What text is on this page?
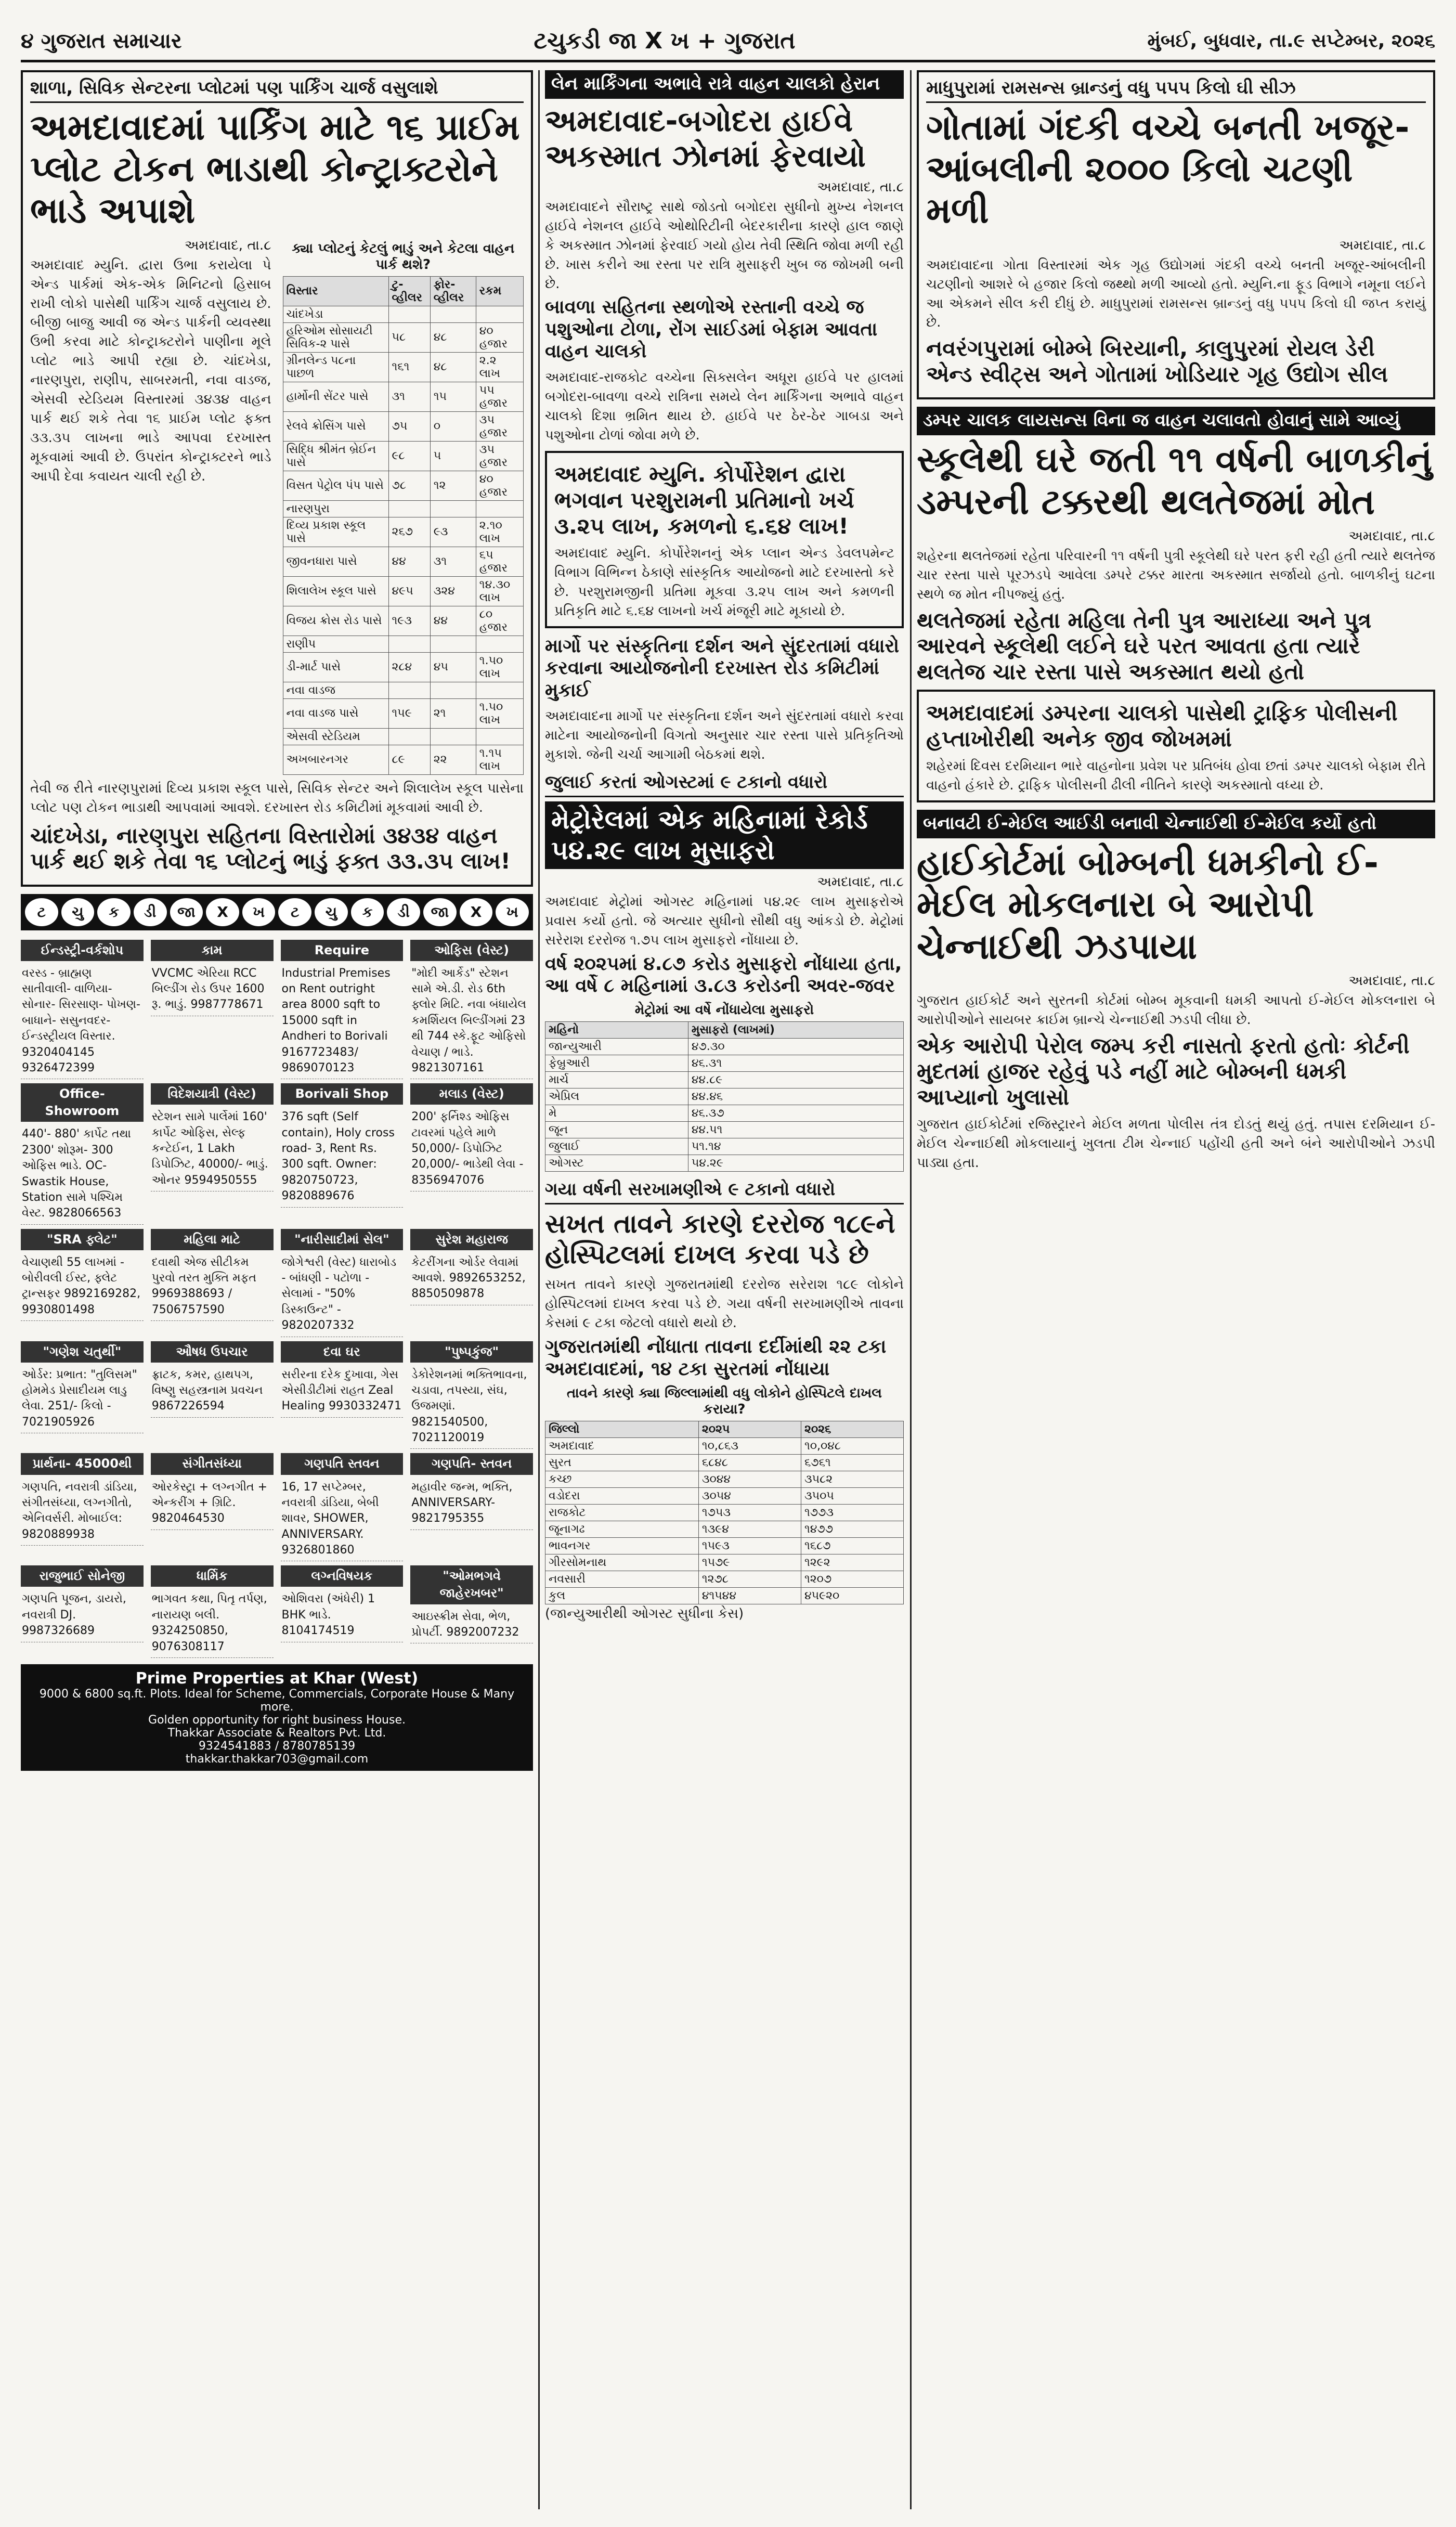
૪ ગુજરાત સમાચાર	ટચુકડી જા X ખ + ગુજરાત	મુંબઈ, બુધવાર, તા.૯ સપ્ટેમ્બર, ૨૦૨૬
શાળા, સિવિક સેન્ટરના પ્લોટમાં પણ પાર્કિંગ ચાર્જ વસુલાશે
અમદાવાદમાં પાર્કિંગ માટે ૧૬ પ્રાઈમ પ્લોટ ટોકન ભાડાથી કોન્ટ્રાક્ટરોને ભાડે અપાશે
અમદાવાદ, તા.૮
અમદાવાદ મ્યુનિ. દ્વારા ઉભા કરાયેલા પે એન્ડ પાર્કમાં એક-એક મિનિટનો હિસાબ રાખી લોકો પાસેથી પાર્કિંગ ચાર્જ વસુલાય છે. બીજી બાજુ આવી જ એન્ડ પાર્કની વ્યવસ્થા ઉભી કરવા માટે કોન્ટ્રાક્ટરોને પાણીના મૂલે પ્લોટ ભાડે આપી રહ્યા છે. ચાંદખેડા, નારણપુરા, રાણીપ, સાબરમતી, નવા વાડજ, એસવી સ્ટેડિયમ વિસ્તારમાં ૩૪૩૪ વાહન પાર્ક થઈ શકે તેવા ૧૬ પ્રાઈમ પ્લોટ ફક્ત ૩૩.૩૫ લાખના ભાડે આપવા દરખાસ્ત મૂકવામાં આવી છે. ઉપરાંત કોન્ટ્રાક્ટરને ભાડે આપી દેવા કવાયત ચાલી રહી છે.
ક્યા પ્લોટનું કેટલું ભાડું અને કેટલા વાહન પાર્ક થશે?
વિસ્તાર	ટુ-વ્હીલર	ફોર-વ્હીલર	રકમ
ચાંદખેડા			
હરિઓમ સોસાયટી સિવિક-૨ પાસે	૫૮	૪૮	૪૦ હજાર
ગ્રીનલેન્ડ ૫૮ના પાછળ	૧૬૧	૪૮	૨.૨ લાખ
હાર્મોની સેંટર પાસે	૩૧	૧૫	૫૫ હજાર
રેલવે ક્રોસિંગ પાસે	૭૫	૦	૩૫ હજાર
સિદ્ધિ શ્રીમંત બ્રેઈન પાસે	૯૮	૫	૩૫ હજાર
વિસત પેટ્રોલ પંપ પાસે	૭૮	૧૨	૪૦ હજાર
નારણપુરા			
દિવ્ય પ્રકાશ સ્કૂલ પાસે	૨૬૭	૯૩	૨.૧૦ લાખ
જીવનધારા પાસે	૪૪	૩૧	૬૫ હજાર
શિલાલેખ સ્કૂલ પાસે	૪૯૫	૩૨૪	૧૪.૩૦ લાખ
વિજય ક્રોસ રોડ પાસે	૧૯૩	૪૪	૮૦ હજાર
રાણીપ			
ડી-માર્ટ પાસે	૨૮૪	૪૫	૧.૫૦ લાખ
નવા વાડજ			
નવા વાડજ પાસે	૧૫૯	૨૧	૧.૫૦ લાખ
એસવી સ્ટેડિયમ			
અખબારનગર	૮૯	૨૨	૧.૧૫ લાખ
તેવી જ રીતે નારણપુરામાં દિવ્ય પ્રકાશ સ્કૂલ પાસે, સિવિક સેન્ટર અને શિલાલેખ સ્કૂલ પાસેના પ્લોટ પણ ટોકન ભાડાથી આપવામાં આવશે. દરખાસ્ત રોડ કમિટીમાં મૂકવામાં આવી છે.
ચાંદખેડા, નારણપુરા સહિતના વિસ્તારોમાં ૩૪૩૪ વાહન પાર્ક થઈ શકે તેવા ૧૬ પ્લોટનું ભાડું ફક્ત ૩૩.૩૫ લાખ!
ટ	ચુ	ક	ડી	જા	X	ખ	ટ	ચુ	ક	ડી	જા	X	ખ
ઈન્ડસ્ટ્રી-વર્કશોપ
વરસ્ડ - બ્રાહ્મણ સાતીવાલી- વાળિયા- સોનાર- સિરસાણ- પોખણ- બાધાને- સસુનવદર- ઈન્ડસ્ટ્રીયલ વિસ્તાર. 9320404145 9326472399
કામ
VVCMC એરિયા RCC બિલ્ડીંગ રોડ ઉપર 1600 રૂ. ભાડું. 9987778671
Require
Industrial Premises on Rent outright area 8000 sqft to 15000 sqft in Andheri to Borivali 9167723483/ 9869070123
ઓફિસ (વેસ્ટ)
"મોદી આર્કેડ" સ્ટેશન સામે એ.ડી. રોડ 6th ફ્લોર મિટિ. નવા બંધાયેલ કમર્શિયલ બિલ્ડીંગમાં 23 થી 744 સ્કે.ફૂટ ઓફિસો વેચાણ / ભાડે. 9821307161
Office- Showroom
440'- 880' કાર્પેટ તથા 2300' શોરૂમ- 300 ઓફિસ ભાડે. OC- Swastik House, Station સામે પશ્ચિમ વેસ્ટ. 9828066563
વિદેશયાત્રી (વેસ્ટ)
સ્ટેશન સામે પાર્લેમાં 160' કાર્પેટ ઓફિસ, સેલ્ફ કન્ટેઈન, 1 Lakh ડિપોઝિટ, 40000/- ભાડું. ઓનર 9594950555
Borivali Shop
376 sqft (Self contain), Holy cross road- 3, Rent Rs. 300 sqft. Owner: 9820750723, 9820889676
મલાડ (વેસ્ટ)
200' ફર્નિશ્ડ ઓફિસ ટાવરમાં પહેલે માળે 50,000/- ડિપોઝિટ 20,000/- ભાડેથી લેવા - 8356947076
"SRA ફ્લેટ"
વેચાણથી 55 લાખમાં - બોરીવલી ઈસ્ટ, ફ્લેટ ટ્રાન્સફર 9892169282, 9930801498
મહિલા માટે
દવાથી એજ સીટીકમ પુરવો તરત મુક્તિ મફત 9969388693 / 7506757590
"નારીસાદીમાં સેલ"
જોગેશ્વરી (વેસ્ટ) ધારાબોડ - બાંધણી - પટોળા - સેલામાં - "50% ડિસ્કાઉન્ટ" - 9820207332
સુરેશ મહારાજ
કેટરીંગના ઓર્ડર લેવામાં આવશે. 9892653252, 8850509878
"ગણેશ ચતુર્થી"
ઓર્ડર: પ્રભાત: "તુલિસમ" હોમમેડ પ્રેસાદીયમ લાડુ લેવા. 251/- કિલો - 7021905926
ઔષધ ઉપચાર
ફ્રાટક, કમર, હાથપગ, વિષ્ણુ સહસ્ત્રનામ પ્રવચન 9867226594
દવા ઘર
સરીરના દરેક દુખાવા, ગેસ એસીડીટીમાં રાહત Zeal Healing 9930332471
"પુષ્પકુંજ"
ડેકોરેશનમાં ભક્તિભાવના, ચડાવા, તપસ્યા, સંઘ, ઉજમણાં. 9821540500, 7021120019
પ્રાર્થના- 45000થી
ગણપતિ, નવરાત્રી ડાંડિયા, સંગીતસંધ્યા, લગ્નગીતો, એનિવર્સરી. મોબાઈલ: 9820889938
સંગીતસંધ્યા
ઓરકેસ્ટ્રા + લગ્નગીત + એન્કરીંગ + ગ્રિટિ. 9820464530
ગણપતિ સ્તવન
16, 17 સપ્ટેમ્બર, નવરાત્રી ડાંડિયા, બેબી શાવર, SHOWER, ANNIVERSARY. 9326801860
ગણપતિ- સ્તવન
મહાવીર જન્મ, ભક્તિ, ANNIVERSARY- 9821795355
રાજુભાઈ સોનેજી
ગણપતિ પૂજન, ડાયરો, નવરાત્રી DJ. 9987326689
ધાર્મિક
ભાગવત કથા, પિતૃ તર્પણ, નારાયણ બલી. 9324250850, 9076308117
લગ્નવિષયક
ઓશિવરા (અંધેરી) 1 BHK ભાડે. 8104174519
"ઓમભગવે જાહેરખબર"
આઇસ્ક્રીમ સેવા, ભેળ, પ્રોપર્ટી. 9892007232
Prime Properties at Khar (West)
9000 & 6800 sq.ft. Plots. Ideal for Scheme, Commercials, Corporate House & Many more.
Golden opportunity for right business House.
Thakkar Associate & Realtors Pvt. Ltd.
9324541883 / 8780785139
thakkar.thakkar703@gmail.com
લેન માર્કિંગના અભાવે રાત્રે વાહન ચાલકો હેરાન
અમદાવાદ-બગોદરા હાઈવે અકસ્માત ઝોનમાં ફેરવાયો
અમદાવાદ, તા.૮
અમદાવાદને સૌરાષ્ટ્ર સાથે જોડતો બગોદરા સુધીનો મુખ્ય નેશનલ હાઈવે નેશનલ હાઈવે ઓથોરિટીની બેદરકારીના કારણે હાલ જાણે કે અકસ્માત ઝોનમાં ફેરવાઈ ગયો હોય તેવી સ્થિતિ જોવા મળી રહી છે. ખાસ કરીને આ રસ્તા પર રાત્રિ મુસાફરી ખુબ જ જોખમી બની છે.
બાવળા સહિતના સ્થળોએ રસ્તાની વચ્ચે જ પશુઓના ટોળા, રોંગ સાઈડમાં બેફામ આવતા વાહન ચાલકો
અમદાવાદ-રાજકોટ વચ્ચેના સિક્સલેન અધૂરા હાઈવે પર હાલમાં બગોદરા-બાવળા વચ્ચે રાત્રિના સમયે લેન માર્કિંગના અભાવે વાહન ચાલકો દિશા ભ્રમિત થાય છે. હાઈવે પર ઠેર-ઠેર ગાબડા અને પશુઓના ટોળાં જોવા મળે છે.
અમદાવાદ મ્યુનિ. કોર્પોરેશન દ્વારા ભગવાન પરશુરામની પ્રતિમાનો ખર્ચ ૩.૨૫ લાખ, કમળનો ૬.૬૪ લાખ!
અમદાવાદ મ્યુનિ. કોર્પોરેશનનું એક પ્લાન એન્ડ ડેવલપમેન્ટ વિભાગ વિભિન્ન ઠેકાણે સાંસ્કૃતિક આયોજનો માટે દરખાસ્તો કરે છે. પરશુરામજીની પ્રતિમા મૂકવા ૩.૨૫ લાખ અને કમળની પ્રતિકૃતિ માટે ૬.૬૪ લાખનો ખર્ચ મંજૂરી માટે મૂકાયો છે.
માર્ગો પર સંસ્કૃતિના દર્શન અને સુંદરતામાં વધારો કરવાના આયોજનોની દરખાસ્ત રોડ કમિટીમાં મુકાઈ
અમદાવાદના માર્ગો પર સંસ્કૃતિના દર્શન અને સુંદરતામાં વધારો કરવા માટેના આયોજનોની વિગતો અનુસાર ચાર રસ્તા પાસે પ્રતિકૃતિઓ મુકાશે. જેની ચર્ચા આગામી બેઠકમાં થશે.
જુલાઈ કરતાં ઓગસ્ટમાં ૯ ટકાનો વધારો
મેટ્રોરેલમાં એક મહિનામાં રેકોર્ડ ૫૪.૨૯ લાખ મુસાફરો
અમદાવાદ, તા.૮
અમદાવાદ મેટ્રોમાં ઓગસ્ટ મહિનામાં ૫૪.૨૯ લાખ મુસાફરોએ પ્રવાસ કર્યો હતો. જે અત્યાર સુધીનો સૌથી વધુ આંકડો છે. મેટ્રોમાં સરેરાશ દરરોજ ૧.૭૫ લાખ મુસાફરો નોંધાયા છે.
વર્ષ ૨૦૨૫માં ૪.૮૭ કરોડ મુસાફરો નોંધાયા હતા, આ વર્ષે ૮ મહિનામાં ૩.૮૩ કરોડની અવર-જવર
મેટ્રોમાં આ વર્ષે નોંધાયેલા મુસાફરો
મહિનો	મુસાફરો (લાખમાં)
જાન્યુઆરી	૪૭.૩૦
ફેબ્રુઆરી	૪૬.૩૧
માર્ચ	૪૪.૮૯
એપ્રિલ	૪૪.૪૬
મે	૪૬.૩૭
જૂન	૪૪.૫૧
જુલાઈ	૫૧.૧૪
ઓગસ્ટ	૫૪.૨૯
ગયા વર્ષની સરખામણીએ ૯ ટકાનો વધારો
સખત તાવને કારણે દરરોજ ૧૮૯ને હોસ્પિટલમાં દાખલ કરવા પડે છે
સખત તાવને કારણે ગુજરાતમાંથી દરરોજ સરેરાશ ૧૮૯ લોકોને હોસ્પિટલમાં દાખલ કરવા પડે છે. ગયા વર્ષની સરખામણીએ તાવના કેસમાં ૯ ટકા જેટલો વધારો થયો છે.
ગુજરાતમાંથી નોંધાતા તાવના દર્દીમાંથી ૨૨ ટકા અમદાવાદમાં, ૧૪ ટકા સુરતમાં નોંધાયા
તાવને કારણે ક્યા જિલ્લામાંથી વધુ લોકોને હોસ્પિટલે દાખલ કરાયા?
જિલ્લો	૨૦૨૫	૨૦૨૬
અમદાવાદ	૧૦,૮૬૩	૧૦,૦૪૮
સુરત	૬૮૪૮	૬૭૬૧
કચ્છ	૩૦૪૪	૩૫૮૨
વડોદરા	૩૦૫૪	૩૫૦૫
રાજકોટ	૧૭૫૩	૧૭૭૩
જૂનાગઢ	૧૩૯૪	૧૪૭૭
ભાવનગર	૧૫૯૩	૧૬૮૭
ગીરસોમનાથ	૧૫૭૯	૧૨૯૨
નવસારી	૧૨૭૮	૧૨૦૭
કુલ	૪૧૫૪૪	૪૫૯૨૦
(જાન્યુઆરીથી ઓગસ્ટ સુધીના કેસ)
માધુપુરામાં રામસન્સ બ્રાન્ડનું વધુ ૫૫૫ કિલો ઘી સીઝ
ગોતામાં ગંદકી વચ્ચે બનતી ખજૂર-આંબલીની ૨૦૦૦ કિલો ચટણી મળી
અમદાવાદ, તા.૮
અમદાવાદના ગોતા વિસ્તારમાં એક ગૃહ ઉદ્યોગમાં ગંદકી વચ્ચે બનતી ખજૂર-આંબલીની ચટણીનો આશરે બે હજાર કિલો જથ્થો મળી આવ્યો હતો. મ્યુનિ.ના ફૂડ વિભાગે નમૂના લઈને આ એકમને સીલ કરી દીધું છે. માધુપુરામાં રામસન્સ બ્રાન્ડનું વધુ ૫૫૫ કિલો ઘી જપ્ત કરાયું છે.
નવરંગપુરામાં બોમ્બે બિરયાની, કાલુપુરમાં રોયલ ડેરી એન્ડ સ્વીટ્સ અને ગોતામાં ખોડિયાર ગૃહ ઉદ્યોગ સીલ
ડમ્પર ચાલક લાયસન્સ વિના જ વાહન ચલાવતો હોવાનું સામે આવ્યું
સ્કૂલેથી ઘરે જતી ૧૧ વર્ષની બાળકીનું ડમ્પરની ટક્કરથી થલતેજમાં મોત
અમદાવાદ, તા.૮
શહેરના થલતેજમાં રહેતા પરિવારની ૧૧ વર્ષની પુત્રી સ્કૂલેથી ઘરે પરત ફરી રહી હતી ત્યારે થલતેજ ચાર રસ્તા પાસે પૂરઝડપે આવેલા ડમ્પરે ટક્કર મારતા અકસ્માત સર્જાયો હતો. બાળકીનું ઘટના સ્થળે જ મોત નીપજ્યું હતું.
થલતેજમાં રહેતા મહિલા તેની પુત્ર આરાધ્યા અને પુત્ર આરવને સ્કૂલેથી લઈને ઘરે પરત આવતા હતા ત્યારે થલતેજ ચાર રસ્તા પાસે અકસ્માત થયો હતો
અમદાવાદમાં ડમ્પરના ચાલકો પાસેથી ટ્રાફિક પોલીસની હપ્તાખોરીથી અનેક જીવ જોખમમાં
શહેરમાં દિવસ દરમિયાન ભારે વાહનોના પ્રવેશ પર પ્રતિબંધ હોવા છતાં ડમ્પર ચાલકો બેફામ રીતે વાહનો હંકારે છે. ટ્રાફિક પોલીસની ઢીલી નીતિને કારણે અકસ્માતો વધ્યા છે.
બનાવટી ઈ-મેઈલ આઈડી બનાવી ચેન્નાઈથી ઈ-મેઈલ કર્યો હતો
હાઈકોર્ટમાં બોમ્બની ધમકીનો ઈ-મેઈલ મોકલનારા બે આરોપી ચેન્નાઈથી ઝડપાયા
અમદાવાદ, તા.૮
ગુજરાત હાઈકોર્ટ અને સુરતની કોર્ટમાં બોમ્બ મૂકવાની ધમકી આપતો ઈ-મેઈલ મોકલનારા બે આરોપીઓને સાયબર ક્રાઈમ બ્રાન્ચે ચેન્નાઈથી ઝડપી લીધા છે.
એક આરોપી પેરોલ જમ્પ કરી નાસતો ફરતો હતોઃ કોર્ટની મુદતમાં હાજર રહેવું પડે નહીં માટે બોમ્બની ધમકી આપ્યાનો ખુલાસો
ગુજરાત હાઈકોર્ટમાં રજિસ્ટ્રારને મેઈલ મળતા પોલીસ તંત્ર દોડતું થયું હતું. તપાસ દરમિયાન ઈ-મેઈલ ચેન્નાઈથી મોકલાયાનું ખુલતા ટીમ ચેન્નાઈ પહોંચી હતી અને બંને આરોપીઓને ઝડપી પાડ્યા હતા.
